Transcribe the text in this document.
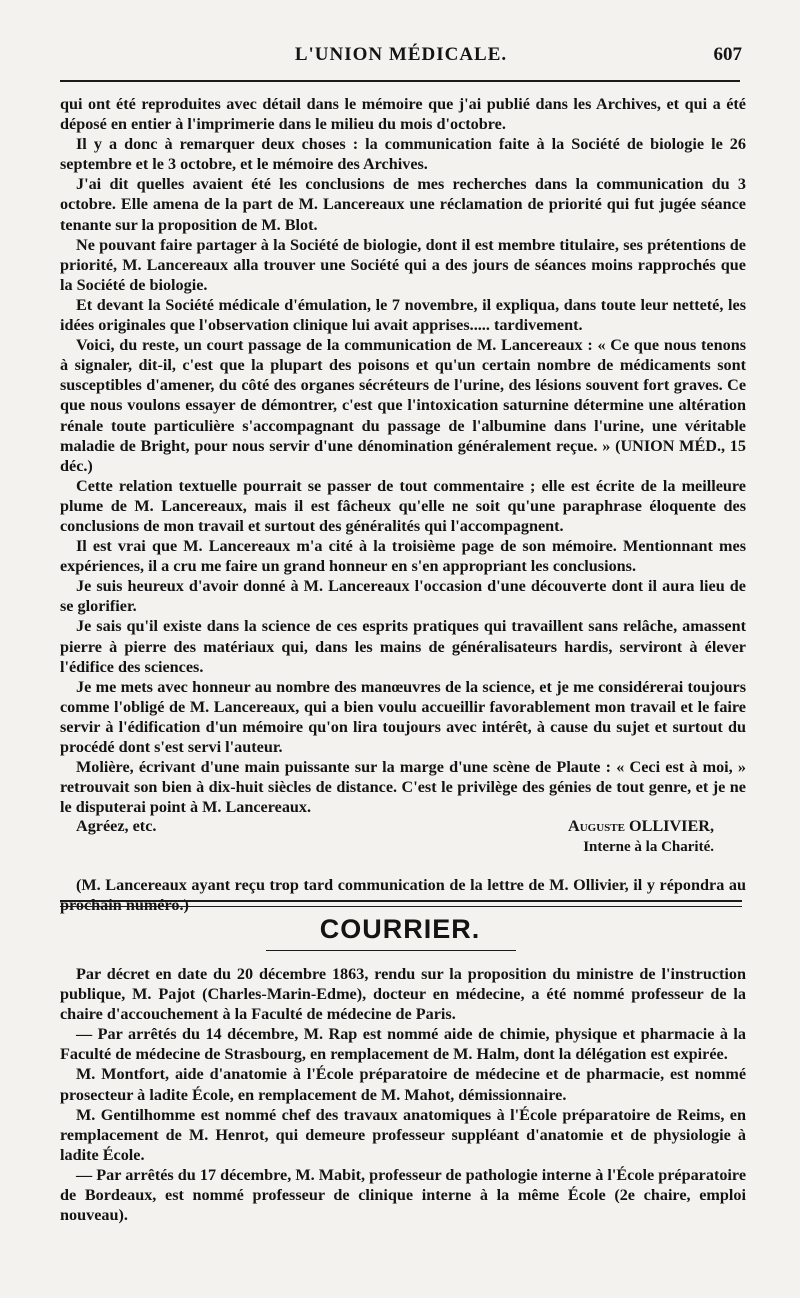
L'UNION MÉDICALE.	607

qui ont été reproduites avec détail dans le mémoire que j'ai publié dans les Archives, et qui a été déposé en entier à l'imprimerie dans le milieu du mois d'octobre.

Il y a donc à remarquer deux choses : la communication faite à la Société de biologie le 26 septembre et le 3 octobre, et le mémoire des Archives.

J'ai dit quelles avaient été les conclusions de mes recherches dans la communication du 3 octobre. Elle amena de la part de M. Lancereaux une réclamation de priorité qui fut jugée séance tenante sur la proposition de M. Blot.

Ne pouvant faire partager à la Société de biologie, dont il est membre titulaire, ses prétentions de priorité, M. Lancereaux alla trouver une Société qui a des jours de séances moins rapprochés que la Société de biologie.

Et devant la Société médicale d'émulation, le 7 novembre, il expliqua, dans toute leur netteté, les idées originales que l'observation clinique lui avait apprises..... tardivement.

Voici, du reste, un court passage de la communication de M. Lancereaux : « Ce que nous tenons à signaler, dit-il, c'est que la plupart des poisons et qu'un certain nombre de médicaments sont susceptibles d'amener, du côté des organes sécréteurs de l'urine, des lésions souvent fort graves. Ce que nous voulons essayer de démontrer, c'est que l'intoxication saturnine détermine une altération rénale toute particulière s'accompagnant du passage de l'albumine dans l'urine, une véritable maladie de Bright, pour nous servir d'une dénomination généralement reçue. » (UNION MÉD., 15 déc.)

Cette relation textuelle pourrait se passer de tout commentaire ; elle est écrite de la meilleure plume de M. Lancereaux, mais il est fâcheux qu'elle ne soit qu'une paraphrase éloquente des conclusions de mon travail et surtout des généralités qui l'accompagnent.

Il est vrai que M. Lancereaux m'a cité à la troisième page de son mémoire. Mentionnant mes expériences, il a cru me faire un grand honneur en s'en appropriant les conclusions.

Je suis heureux d'avoir donné à M. Lancereaux l'occasion d'une découverte dont il aura lieu de se glorifier.

Je sais qu'il existe dans la science de ces esprits pratiques qui travaillent sans relâche, amassent pierre à pierre des matériaux qui, dans les mains de généralisateurs hardis, serviront à élever l'édifice des sciences.

Je me mets avec honneur au nombre des manœuvres de la science, et je me considérerai toujours comme l'obligé de M. Lancereaux, qui a bien voulu accueillir favorablement mon travail et le faire servir à l'édification d'un mémoire qu'on lira toujours avec intérêt, à cause du sujet et surtout du procédé dont s'est servi l'auteur.

Molière, écrivant d'une main puissante sur la marge d'une scène de Plaute : « Ceci est à moi, » retrouvait son bien à dix-huit siècles de distance. C'est le privilège des génies de tout genre, et je ne le disputerai point à M. Lancereaux.

Agréez, etc.	Auguste OLLIVIER,
Interne à la Charité.

(M. Lancereaux ayant reçu trop tard communication de la lettre de M. Ollivier, il y répondra au prochain numéro.)

COURRIER.

Par décret en date du 20 décembre 1863, rendu sur la proposition du ministre de l'instruction publique, M. Pajot (Charles-Marin-Edme), docteur en médecine, a été nommé professeur de la chaire d'accouchement à la Faculté de médecine de Paris.

— Par arrêtés du 14 décembre, M. Rap est nommé aide de chimie, physique et pharmacie à la Faculté de médecine de Strasbourg, en remplacement de M. Halm, dont la délégation est expirée.

M. Montfort, aide d'anatomie à l'École préparatoire de médecine et de pharmacie, est nommé prosecteur à ladite École, en remplacement de M. Mahot, démissionnaire.

M. Gentilhomme est nommé chef des travaux anatomiques à l'École préparatoire de Reims, en remplacement de M. Henrot, qui demeure professeur suppléant d'anatomie et de physiologie à ladite École.

— Par arrêtés du 17 décembre, M. Mabit, professeur de pathologie interne à l'École préparatoire de Bordeaux, est nommé professeur de clinique interne à la même École (2e chaire, emploi nouveau).
